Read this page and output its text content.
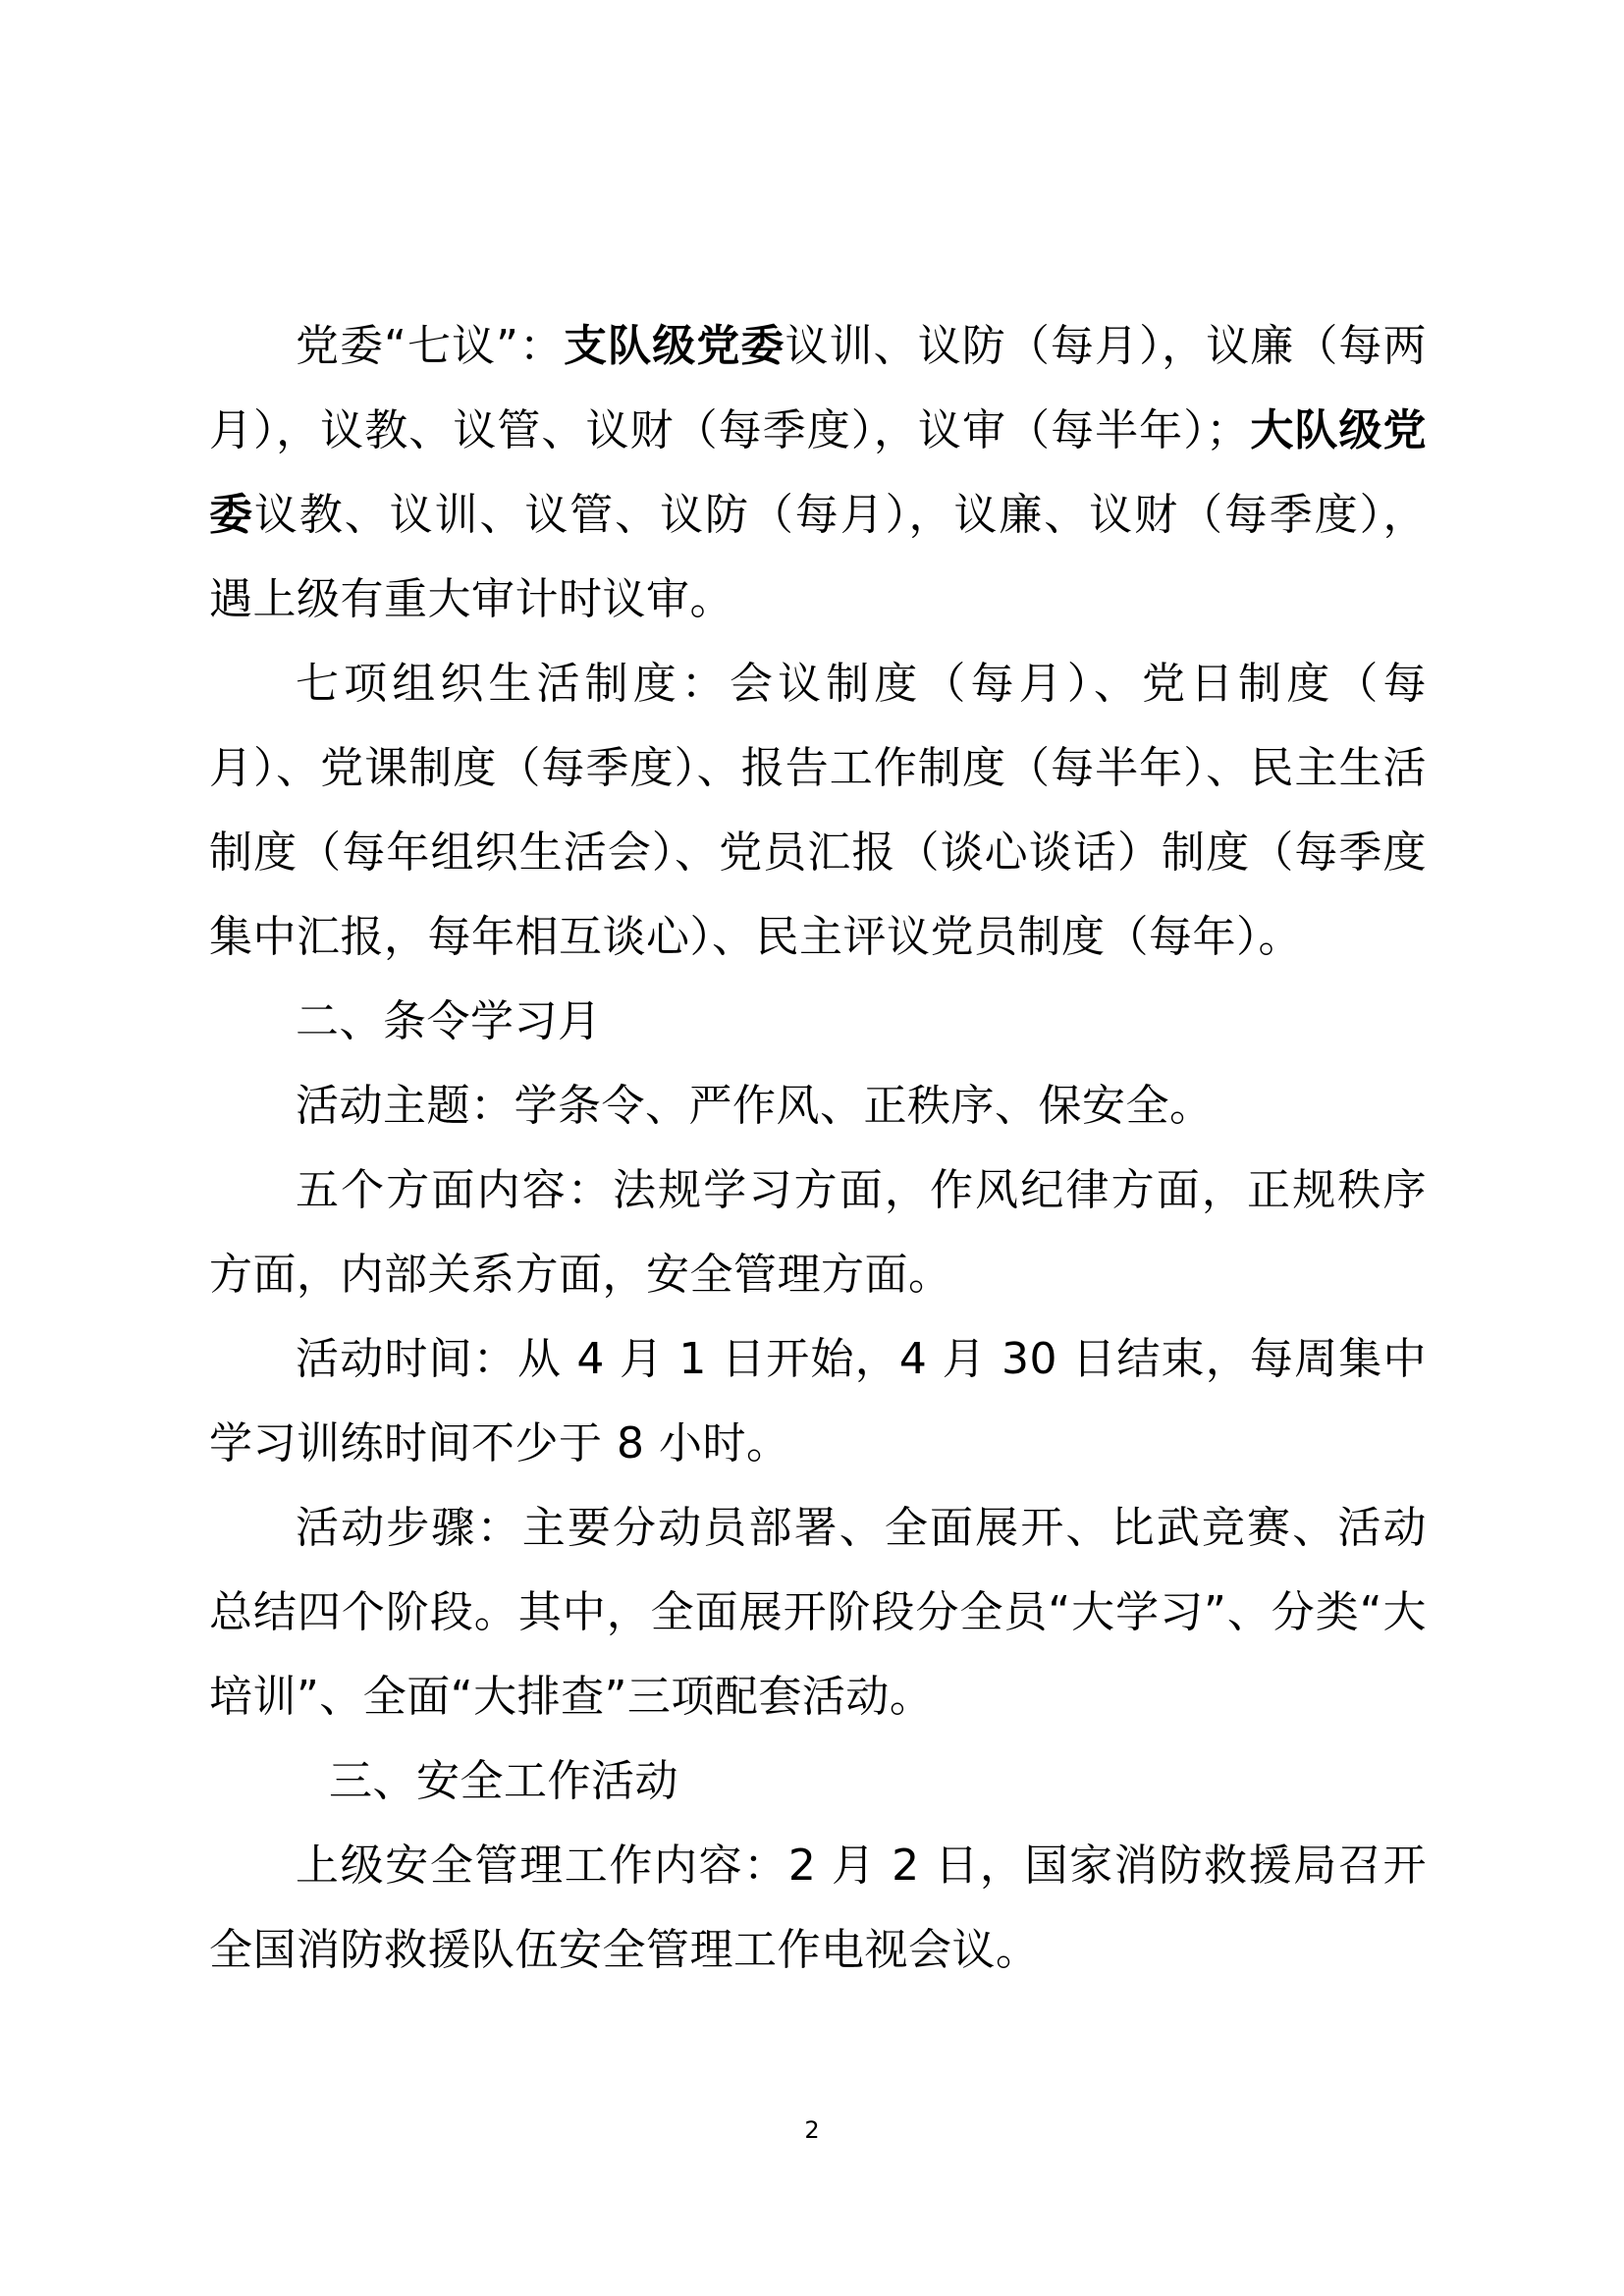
党委“七议”：支队级党委议训、议防（每月），议廉（每两月），议教、议管、议财（每季度），议审（每半年）；大队级党委议教、议训、议管、议防（每月），议廉、议财（每季度），遇上级有重大审计时议审。

七项组织生活制度：会议制度（每月）、党日制度（每月）、党课制度（每季度）、报告工作制度（每半年）、民主生活制度（每年组织生活会）、党员汇报（谈心谈话）制度（每季度集中汇报，每年相互谈心）、民主评议党员制度（每年）。

二、条令学习月

活动主题：学条令、严作风、正秩序、保安全。

五个方面内容：法规学习方面，作风纪律方面，正规秩序方面，内部关系方面，安全管理方面。

活动时间：从 4 月 1 日开始，4 月 30 日结束，每周集中学习训练时间不少于 8 小时。

活动步骤：主要分动员部署、全面展开、比武竞赛、活动总结四个阶段。其中，全面展开阶段分全员“大学习”、分类“大培训”、全面“大排查”三项配套活动。

三、安全工作活动

上级安全管理工作内容：2 月 2 日，国家消防救援局召开全国消防救援队伍安全管理工作电视会议。

2
